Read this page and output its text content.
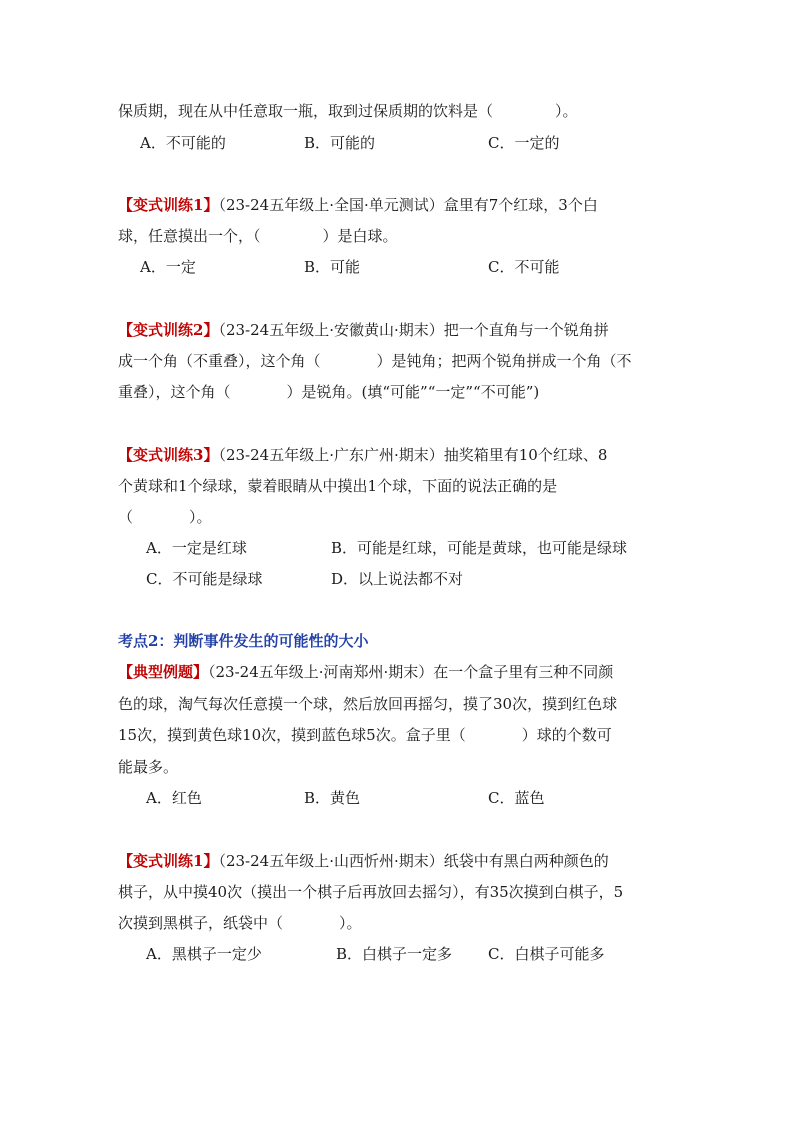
保质期，现在从中任意取一瓶，取到过保质期的饮料是（	）。
A．不可能的	B．可能的	C．一定的
【变式训练1】（23-24五年级上·全国·单元测试）盒里有7个红球，3个白
球，任意摸出一个，（	）是白球。
A．一定	B．可能	C．不可能
【变式训练2】（23-24五年级上·安徽黄山·期末）把一个直角与一个锐角拼
成一个角（不重叠），这个角（	）是钝角；把两个锐角拼成一个角（不
重叠），这个角（	）是锐角。(填“可能”“一定”“不可能”)
【变式训练3】（23-24五年级上·广东广州·期末）抽奖箱里有10个红球、8
个黄球和1个绿球，蒙着眼睛从中摸出1个球，下面的说法正确的是
（	）。
A．一定是红球	B．可能是红球，可能是黄球，也可能是绿球
C．不可能是绿球	D．以上说法都不对
考点2：判断事件发生的可能性的大小
【典型例题】（23-24五年级上·河南郑州·期末）在一个盒子里有三种不同颜
色的球，淘气每次任意摸一个球，然后放回再摇匀，摸了30次，摸到红色球
15次，摸到黄色球10次，摸到蓝色球5次。盒子里（	）球的个数可
能最多。
A．红色	B．黄色	C．蓝色
【变式训练1】（23-24五年级上·山西忻州·期末）纸袋中有黑白两种颜色的
棋子，从中摸40次（摸出一个棋子后再放回去摇匀），有35次摸到白棋子，5
次摸到黑棋子，纸袋中（	）。
A．黑棋子一定少	B．白棋子一定多 C．白棋子可能多
